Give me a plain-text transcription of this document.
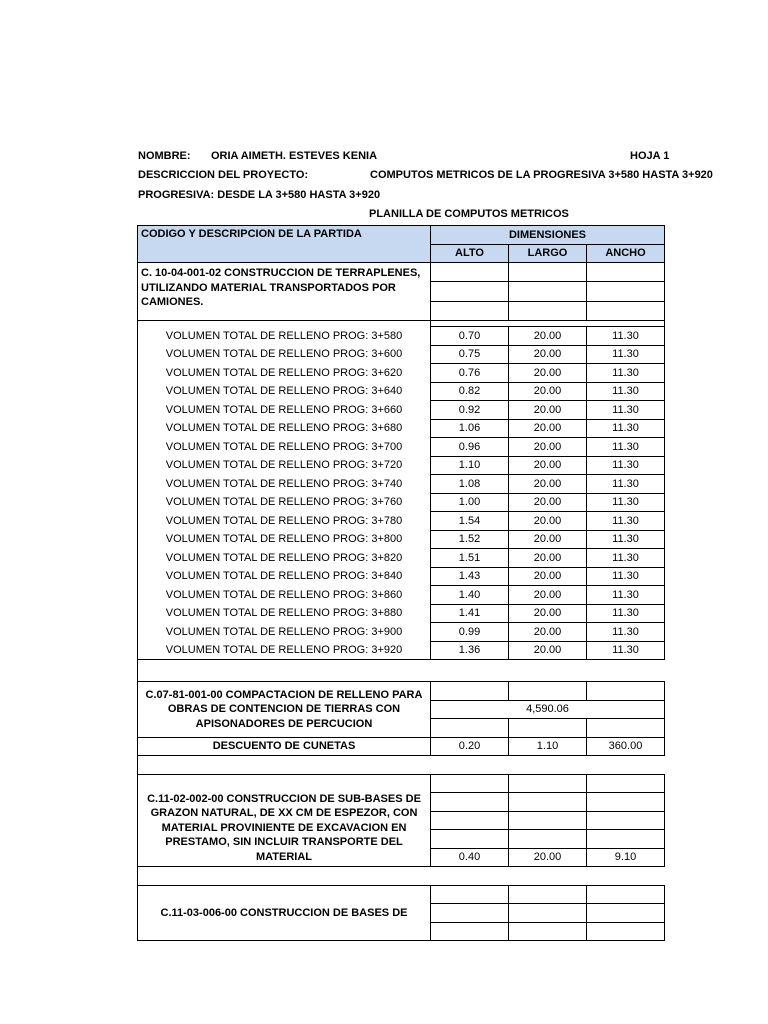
NOMBRE: ORIA AIMETH. ESTEVES KENIA	HOJA 1
DESCRICCION DEL PROYECTO:	COMPUTOS METRICOS DE LA PROGRESIVA 3+580 HASTA 3+920
PROGRESIVA: DESDE LA 3+580 HASTA 3+920
PLANILLA DE COMPUTOS METRICOS
CODIGO Y DESCRIPCION DE LA PARTIDA	DIMENSIONES		
	ALTO	LARGO	ANCHO
C. 10-04-001-02 CONSTRUCCION DE TERRAPLENES, UTILIZANDO MATERIAL TRANSPORTADOS POR CAMIONES.			

VOLUMEN TOTAL DE RELLENO PROG: 3+580	0.70	20.00	11.30
VOLUMEN TOTAL DE RELLENO PROG: 3+600	0.75	20.00	11.30
VOLUMEN TOTAL DE RELLENO PROG: 3+620	0.76	20.00	11.30
VOLUMEN TOTAL DE RELLENO PROG: 3+640	0.82	20.00	11.30
VOLUMEN TOTAL DE RELLENO PROG: 3+660	0.92	20.00	11.30
VOLUMEN TOTAL DE RELLENO PROG: 3+680	1.06	20.00	11.30
VOLUMEN TOTAL DE RELLENO PROG: 3+700	0.96	20.00	11.30
VOLUMEN TOTAL DE RELLENO PROG: 3+720	1.10	20.00	11.30
VOLUMEN TOTAL DE RELLENO PROG: 3+740	1.08	20.00	11.30
VOLUMEN TOTAL DE RELLENO PROG: 3+760	1.00	20.00	11.30
VOLUMEN TOTAL DE RELLENO PROG: 3+780	1.54	20.00	11.30
VOLUMEN TOTAL DE RELLENO PROG: 3+800	1.52	20.00	11.30
VOLUMEN TOTAL DE RELLENO PROG: 3+820	1.51	20.00	11.30
VOLUMEN TOTAL DE RELLENO PROG: 3+840	1.43	20.00	11.30
VOLUMEN TOTAL DE RELLENO PROG: 3+860	1.40	20.00	11.30
VOLUMEN TOTAL DE RELLENO PROG: 3+880	1.41	20.00	11.30
VOLUMEN TOTAL DE RELLENO PROG: 3+900	0.99	20.00	11.30
VOLUMEN TOTAL DE RELLENO PROG: 3+920	1.36	20.00	11.30

C.07-81-001-00 COMPACTACION DE RELLENO PARA OBRAS DE CONTENCION DE TIERRAS CON APISONADORES DE PERCUCION			
	4,590.06		

DESCUENTO DE CUNETAS	0.20	1.10	360.00

C.11-02-002-00 CONSTRUCCION DE SUB-BASES DE GRAZON NATURAL, DE XX CM DE ESPEZOR, CON MATERIAL PROVINIENTE DE EXCAVACION EN PRESTAMO, SIN INCLUIR TRANSPORTE DEL MATERIAL			

	0.40	20.00	9.10

C.11-03-006-00 CONSTRUCCION DE BASES DE			
